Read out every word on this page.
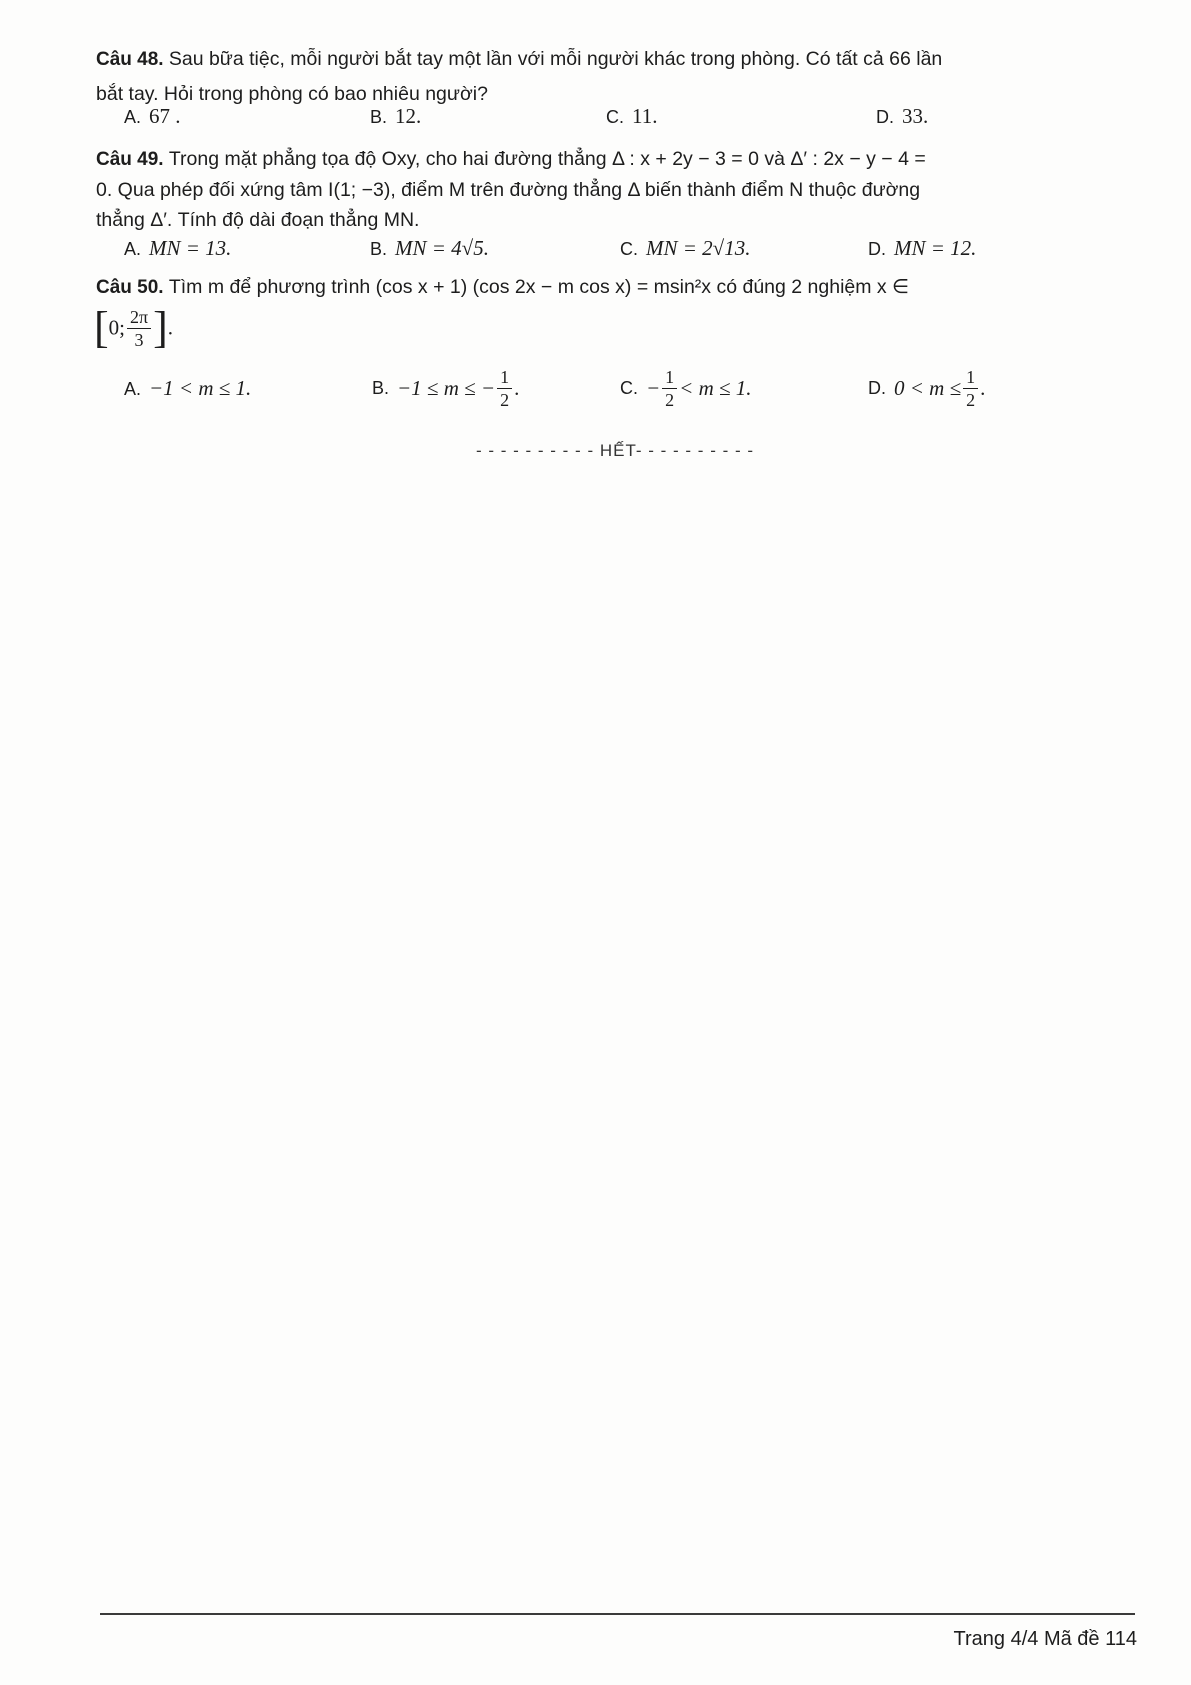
Câu 48. Sau bữa tiệc, mỗi người bắt tay một lần với mỗi người khác trong phòng. Có tất cả 66 lần
bắt tay. Hỏi trong phòng có bao nhiêu người?
A. 67 .	B. 12.	C. 11.	D. 33.
Câu 49. Trong mặt phẳng tọa độ Oxy, cho hai đường thẳng Δ : x + 2y − 3 = 0 và Δ′ : 2x − y − 4 =
0. Qua phép đối xứng tâm I(1; −3), điểm M trên đường thẳng Δ biến thành điểm N thuộc đường
thẳng Δ′. Tính độ dài đoạn thẳng MN.
A. MN = 13.	B. MN = 4√5.	C. MN = 2√13.	D. MN = 12.
Câu 50. Tìm m để phương trình (cos x + 1) (cos 2x − m cos x) = msin²x có đúng 2 nghiệm x ∈
[0; $\frac{2\pi}{3}$ ].
A. −1 < m ≤ 1.	B. −1 ≤ m ≤ − $\frac{1}{2}$ .	C. − $\frac{1}{2} < m \le 1$.	D. $0 < m \le \frac{1}{2}$ .
- - - - - - - - - - HẾT- - - - - - - - - -
Trang 4/4 Mã đề 114
